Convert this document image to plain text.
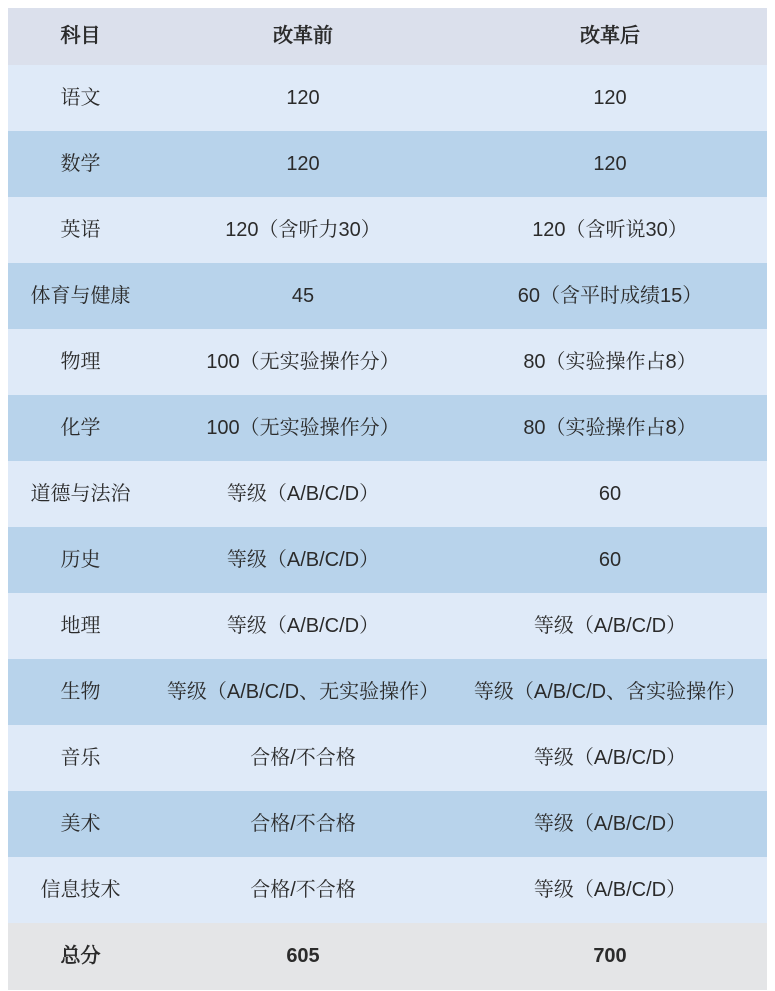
科目	改革前	改革后
语文	120	120
数学	120	120
英语	120（含听力30）	120（含听说30）
体育与健康	45	60（含平时成绩15）
物理	100（无实验操作分）	80（实验操作占8）
化学	100（无实验操作分）	80（实验操作占8）
道德与法治	等级（A/B/C/D）	60
历史	等级（A/B/C/D）	60
地理	等级（A/B/C/D）	等级（A/B/C/D）
生物	等级（A/B/C/D、无实验操作）	等级（A/B/C/D、含实验操作）
音乐	合格/不合格	等级（A/B/C/D）
美术	合格/不合格	等级（A/B/C/D）
信息技术	合格/不合格	等级（A/B/C/D）
总分	605	700
